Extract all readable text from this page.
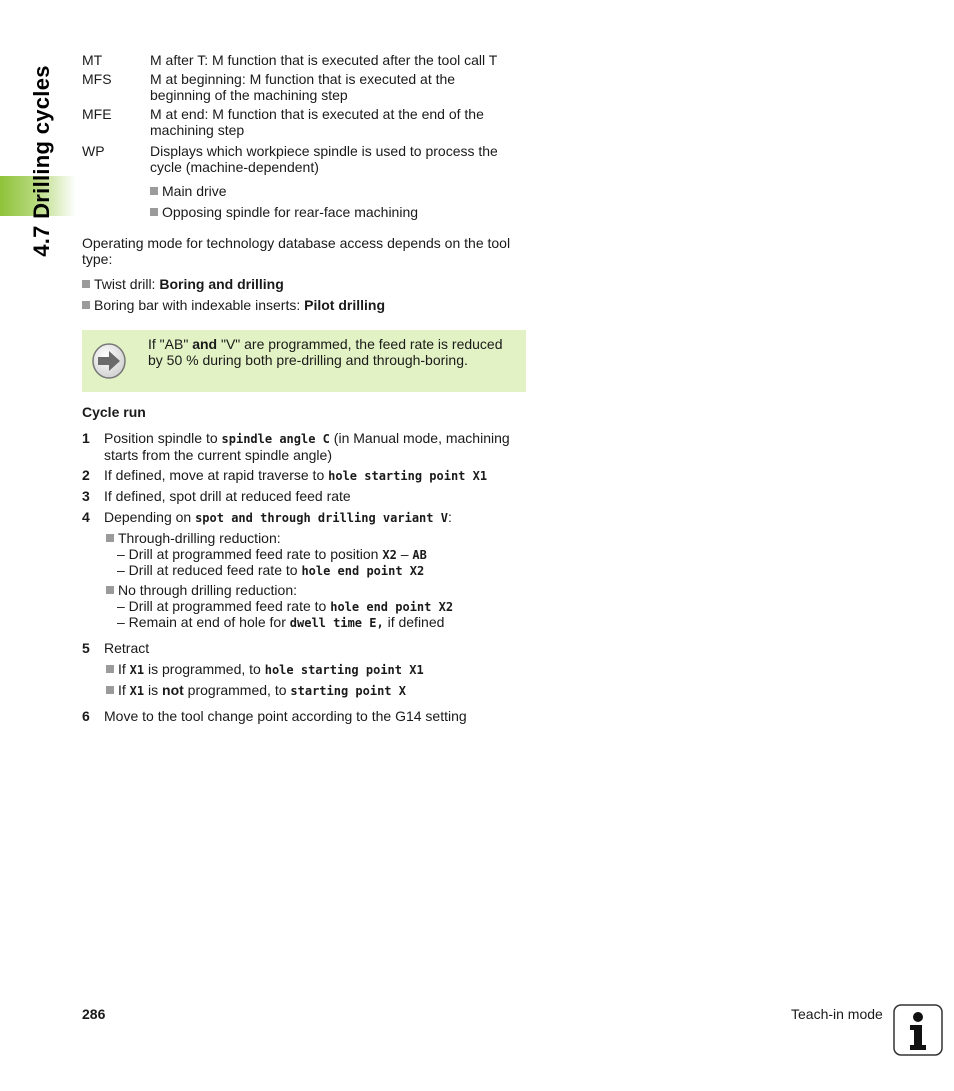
4.7 Drilling cycles
MT	M after T: M function that is executed after the tool call T
MFS	M at beginning: M function that is executed at the
beginning of the machining step
MFE	M at end: M function that is executed at the end of the
machining step
WP	Displays which workpiece spindle is used to process the
cycle (machine-dependent)
Main drive
Opposing spindle for rear-face machining
Operating mode for technology database access depends on the tool
type:
Twist drill: Boring and drilling
Boring bar with indexable inserts: Pilot drilling
If "AB" and "V" are programmed, the feed rate is reduced
by 50 % during both pre-drilling and through-boring.
Cycle run
1 Position spindle to spindle angle C (in Manual mode, machining
starts from the current spindle angle)
2 If defined, move at rapid traverse to hole starting point X1
3 If defined, spot drill at reduced feed rate
4 Depending on spot and through drilling variant V:
Through-drilling reduction:
– Drill at programmed feed rate to position X2 – AB
– Drill at reduced feed rate to hole end point X2
No through drilling reduction:
– Drill at programmed feed rate to hole end point X2
– Remain at end of hole for dwell time E, if defined
5 Retract
If X1 is programmed, to hole starting point X1
If X1 is not programmed, to starting point X
6 Move to the tool change point according to the G14 setting
286	Teach-in mode
